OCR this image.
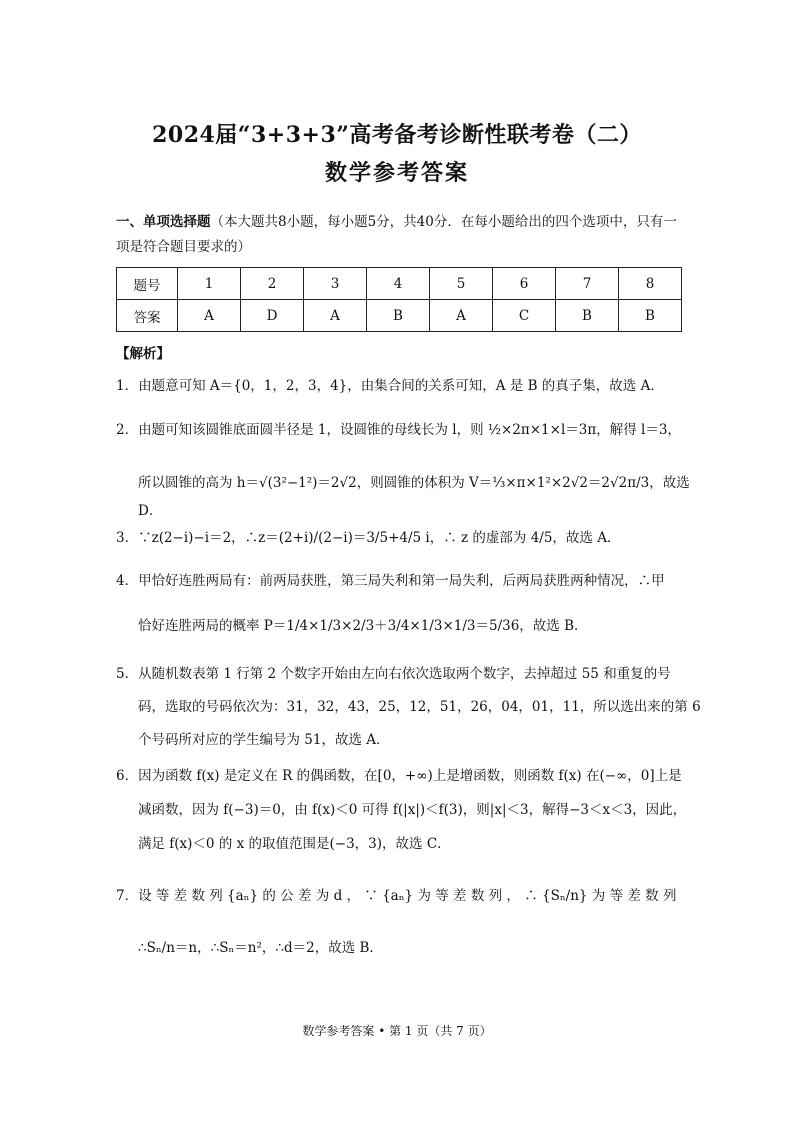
2024届“3+3+3”高考备考诊断性联考卷（二）
数学参考答案
一、单项选择题（本大题共8小题，每小题5分，共40分．在每小题给出的四个选项中，只有一项是符合题目要求的）
题号	1	2	3	4	5	6	7	8
答案	A	D	A	B	A	C	B	B
【解析】
1．由题意可知 A＝{0，1，2，3，4}，由集合间的关系可知，A 是 B 的真子集，故选 A．
2．由题可知该圆锥底面圆半径是 1，设圆锥的母线长为 l，则 ½×2π×1×l＝3π，解得 l＝3，
所以圆锥的高为 h＝√(3²−1²)＝2√2，则圆锥的体积为 V＝⅓×π×1²×2√2＝2√2π/3，故选 D．
3．∵z(2−i)−i＝2，∴z＝(2+i)/(2−i)＝3/5+4/5 i，∴ z 的虚部为 4/5，故选 A．
4．甲恰好连胜两局有：前两局获胜，第三局失利和第一局失利，后两局获胜两种情况，∴甲
恰好连胜两局的概率 P＝1/4×1/3×2/3＋3/4×1/3×1/3＝5/36，故选 B．
5．从随机数表第 1 行第 2 个数字开始由左向右依次选取两个数字，去掉超过 55 和重复的号
码，选取的号码依次为：31，32，43，25，12，51，26，04，01，11，所以选出来的第 6
个号码所对应的学生编号为 51，故选 A．
6．因为函数 f(x) 是定义在 R 的偶函数，在[0，+∞)上是增函数，则函数 f(x) 在(−∞，0]上是
减函数，因为 f(−3)＝0，由 f(x)＜0 可得 f(|x|)＜f(3)，则|x|＜3，解得−3＜x＜3，因此，
满足 f(x)＜0 的 x 的取值范围是(−3，3)，故选 C．
7．设 等 差 数 列 {aₙ} 的 公 差 为 d ， ∵ {aₙ} 为 等 差 数 列 ， ∴ {Sₙ/n} 为 等 差 数 列
∴Sₙ/n＝n，∴Sₙ＝n²，∴d＝2，故选 B．
数学参考答案 • 第 1 页（共 7 页）
